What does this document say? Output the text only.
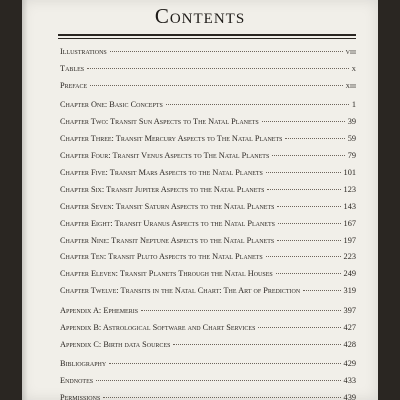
Contents
Illustrations	viii
Tables	x
Preface	xiii
Chapter One: Basic Concepts	1
Chapter Two: Transit Sun Aspects to The Natal Planets	39
Chapter Three: Transit Mercury Aspects to The Natal Planets	59
Chapter Four: Transit Venus Aspects to The Natal Planets	79
Chapter Five: Transit Mars Aspects to the Natal Planets	101
Chapter Six: Transit Jupiter Aspects to the Natal Planets	123
Chapter Seven: Transit Saturn Aspects to the Natal Planets	143
Chapter Eight: Transit Uranus Aspects to the Natal Planets	167
Chapter Nine: Transit Neptune Aspects to the Natal Planets	197
Chapter Ten: Transit Pluto Aspects to the Natal Planets	223
Chapter Eleven: Transit Planets Through the Natal Houses	249
Chapter Twelve: Transits in the Natal Chart: The Art of Prediction	319
Appendix A: Ephemeris	397
Appendix B: Astrological Software and Chart Services	427
Appendix C: Birth data Sources	428
Bibliography	429
Endnotes	433
Permissions	439
